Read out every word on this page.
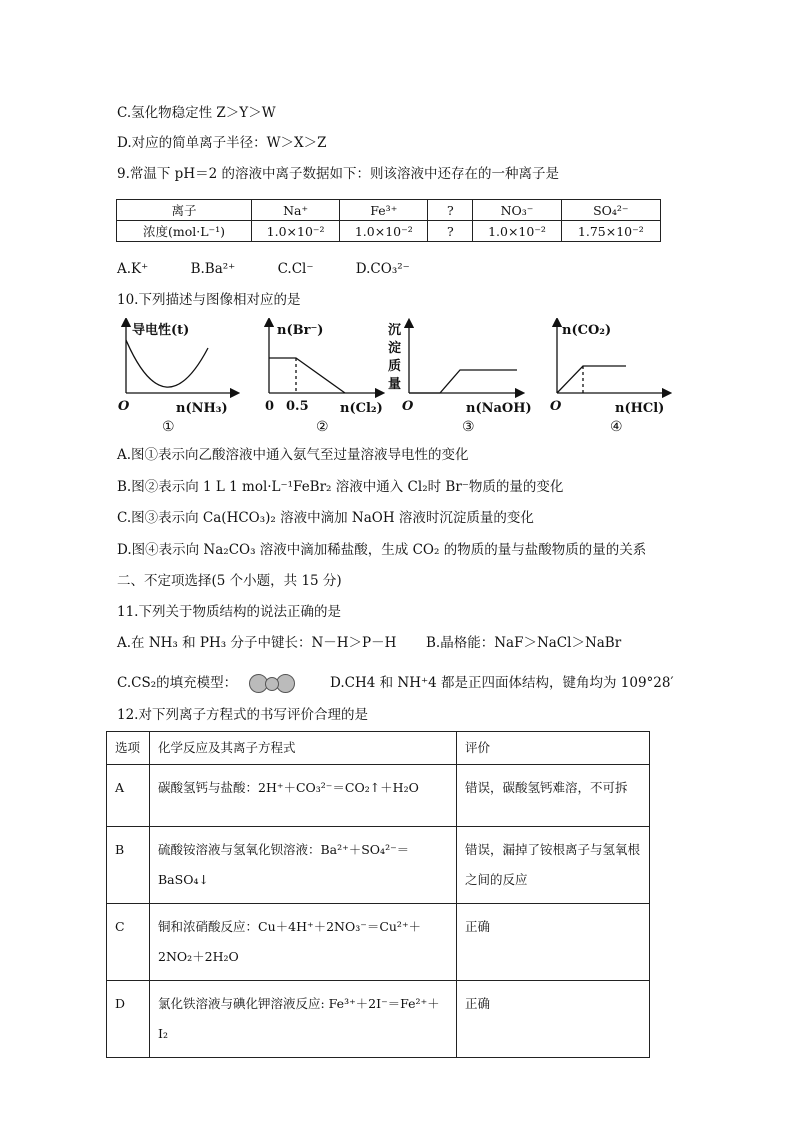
C.氢化物稳定性 Z＞Y＞W
D.对应的简单离子半径：W＞X＞Z
9.常温下 pH＝2 的溶液中离子数据如下：则该溶液中还存在的一种离子是
离子	Na⁺	Fe³⁺	?	NO₃⁻	SO₄²⁻
浓度(mol·L⁻¹)	1.0×10⁻²	1.0×10⁻²	?	1.0×10⁻²	1.75×10⁻²
A.K⁺	B.Ba²⁺	C.Cl⁻	D.CO₃²⁻
10.下列描述与图像相对应的是
导电性(t)
O	n(NH₃)
①
n(Br⁻)
0 0.5 n(Cl₂)
②
沉
淀
质
量
O	n(NaOH)
③
n(CO₂)
O	n(HCl)
④
A.图①表示向乙酸溶液中通入氨气至过量溶液导电性的变化
B.图②表示向 1 L 1 mol·L⁻¹FeBr₂ 溶液中通入 Cl₂时 Br⁻物质的量的变化
C.图③表示向 Ca(HCO₃)₂ 溶液中滴加 NaOH 溶液时沉淀质量的变化
D.图④表示向 Na₂CO₃ 溶液中滴加稀盐酸，生成 CO₂ 的物质的量与盐酸物质的量的关系
二、不定项选择(5 个小题，共 15 分)
11.下列关于物质结构的说法正确的是
A.在 NH₃ 和 PH₃ 分子中键长：N－H＞P－H B.晶格能：NaF＞NaCl＞NaBr
C.CS₂的填充模型：	D.CH4 和 NH⁺4 都是正四面体结构，键角均为 109°28′
12.对下列离子方程式的书写评价合理的是
选项	化学反应及其离子方程式	评价
A	碳酸氢钙与盐酸：2H⁺＋CO₃²⁻＝CO₂↑＋H₂O	错误，碳酸氢钙难溶，不可拆
B	硫酸铵溶液与氢氧化钡溶液：Ba²⁺＋SO₄²⁻＝BaSO₄↓	错误，漏掉了铵根离子与氢氧根之间的反应
C	铜和浓硝酸反应：Cu＋4H⁺＋2NO₃⁻＝Cu²⁺＋2NO₂＋2H₂O	正确
D	氯化铁溶液与碘化钾溶液反应: Fe³⁺＋2I⁻＝Fe²⁺＋I₂	正确
